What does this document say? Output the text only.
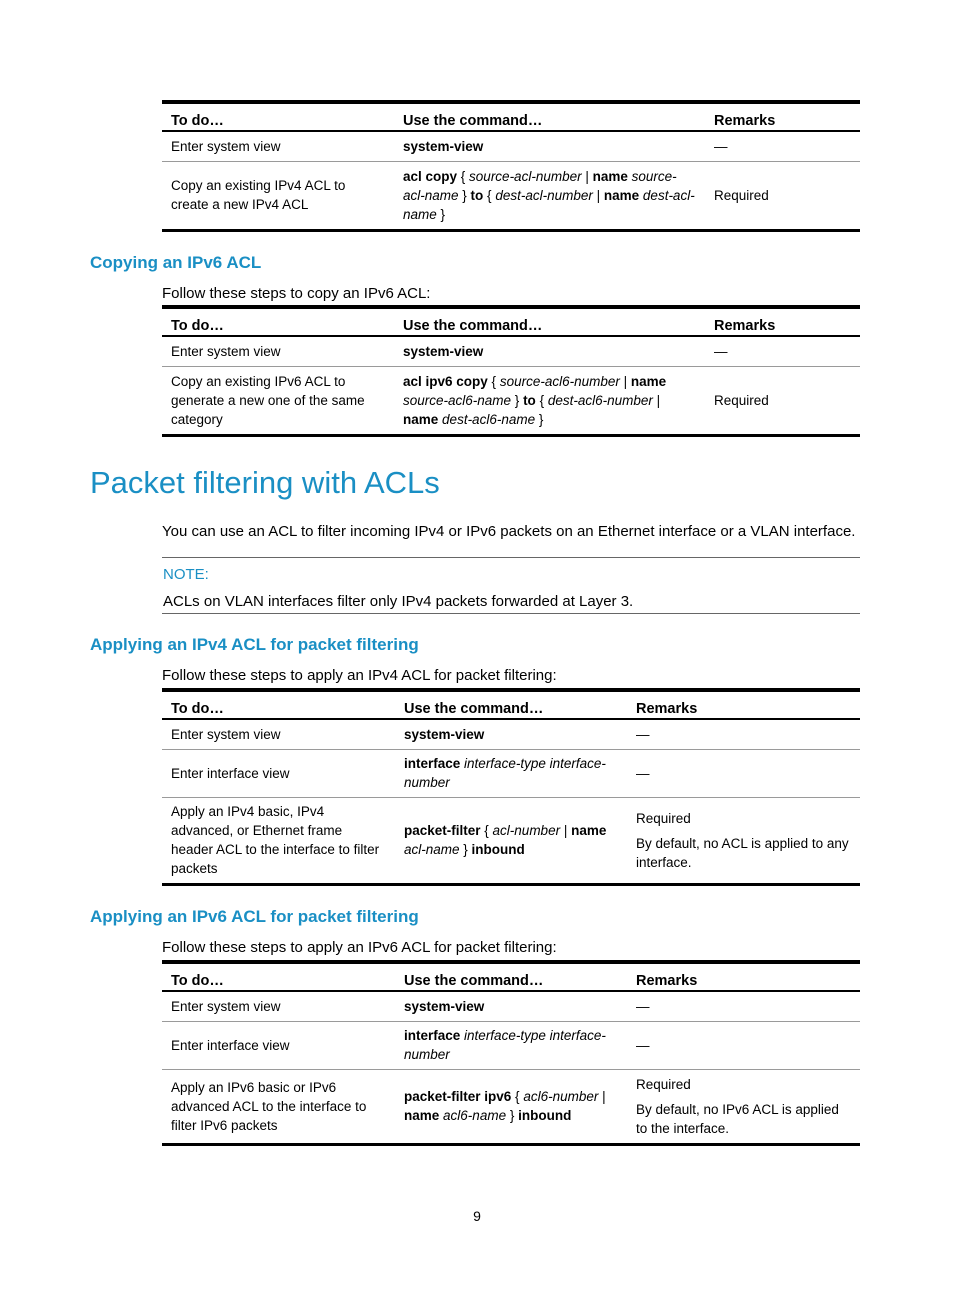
To do…	Use the command…	Remarks
Enter system view	system-view	—

Copy an existing IPv4 ACL to create a new IPv4 ACL	acl copy { source-acl-number | name source-acl-name } to { dest-acl-number | name dest-acl-name }	Required

Copying an IPv6 ACL
Follow these steps to copy an IPv6 ACL:
To do…	Use the command…	Remarks
Enter system view	system-view	—

Copy an existing IPv6 ACL to generate a new one of the same category	acl ipv6 copy { source-acl6-number | name source-acl6-name } to { dest-acl6-number | name dest-acl6-name }	Required

Packet filtering with ACLs
You can use an ACL to filter incoming IPv4 or IPv6 packets on an Ethernet interface or a VLAN interface.
NOTE:
ACLs on VLAN interfaces filter only IPv4 packets forwarded at Layer 3.
Applying an IPv4 ACL for packet filtering
Follow these steps to apply an IPv4 ACL for packet filtering:
To do…	Use the command…	Remarks
Enter system view	system-view	—

Enter interface view	interface interface-type interface-number	—

Apply an IPv4 basic, IPv4 advanced, or Ethernet frame header ACL to the interface to filter packets	packet-filter { acl-number | name acl-name } inbound	Required

By default, no ACL is applied to any interface.

Applying an IPv6 ACL for packet filtering
Follow these steps to apply an IPv6 ACL for packet filtering:
To do…	Use the command…	Remarks
Enter system view	system-view	—

Enter interface view	interface interface-type interface-number	—

Apply an IPv6 basic or IPv6 advanced ACL to the interface to filter IPv6 packets	packet-filter ipv6 { acl6-number | name acl6-name } inbound	Required

By default, no IPv6 ACL is applied to the interface.

9
